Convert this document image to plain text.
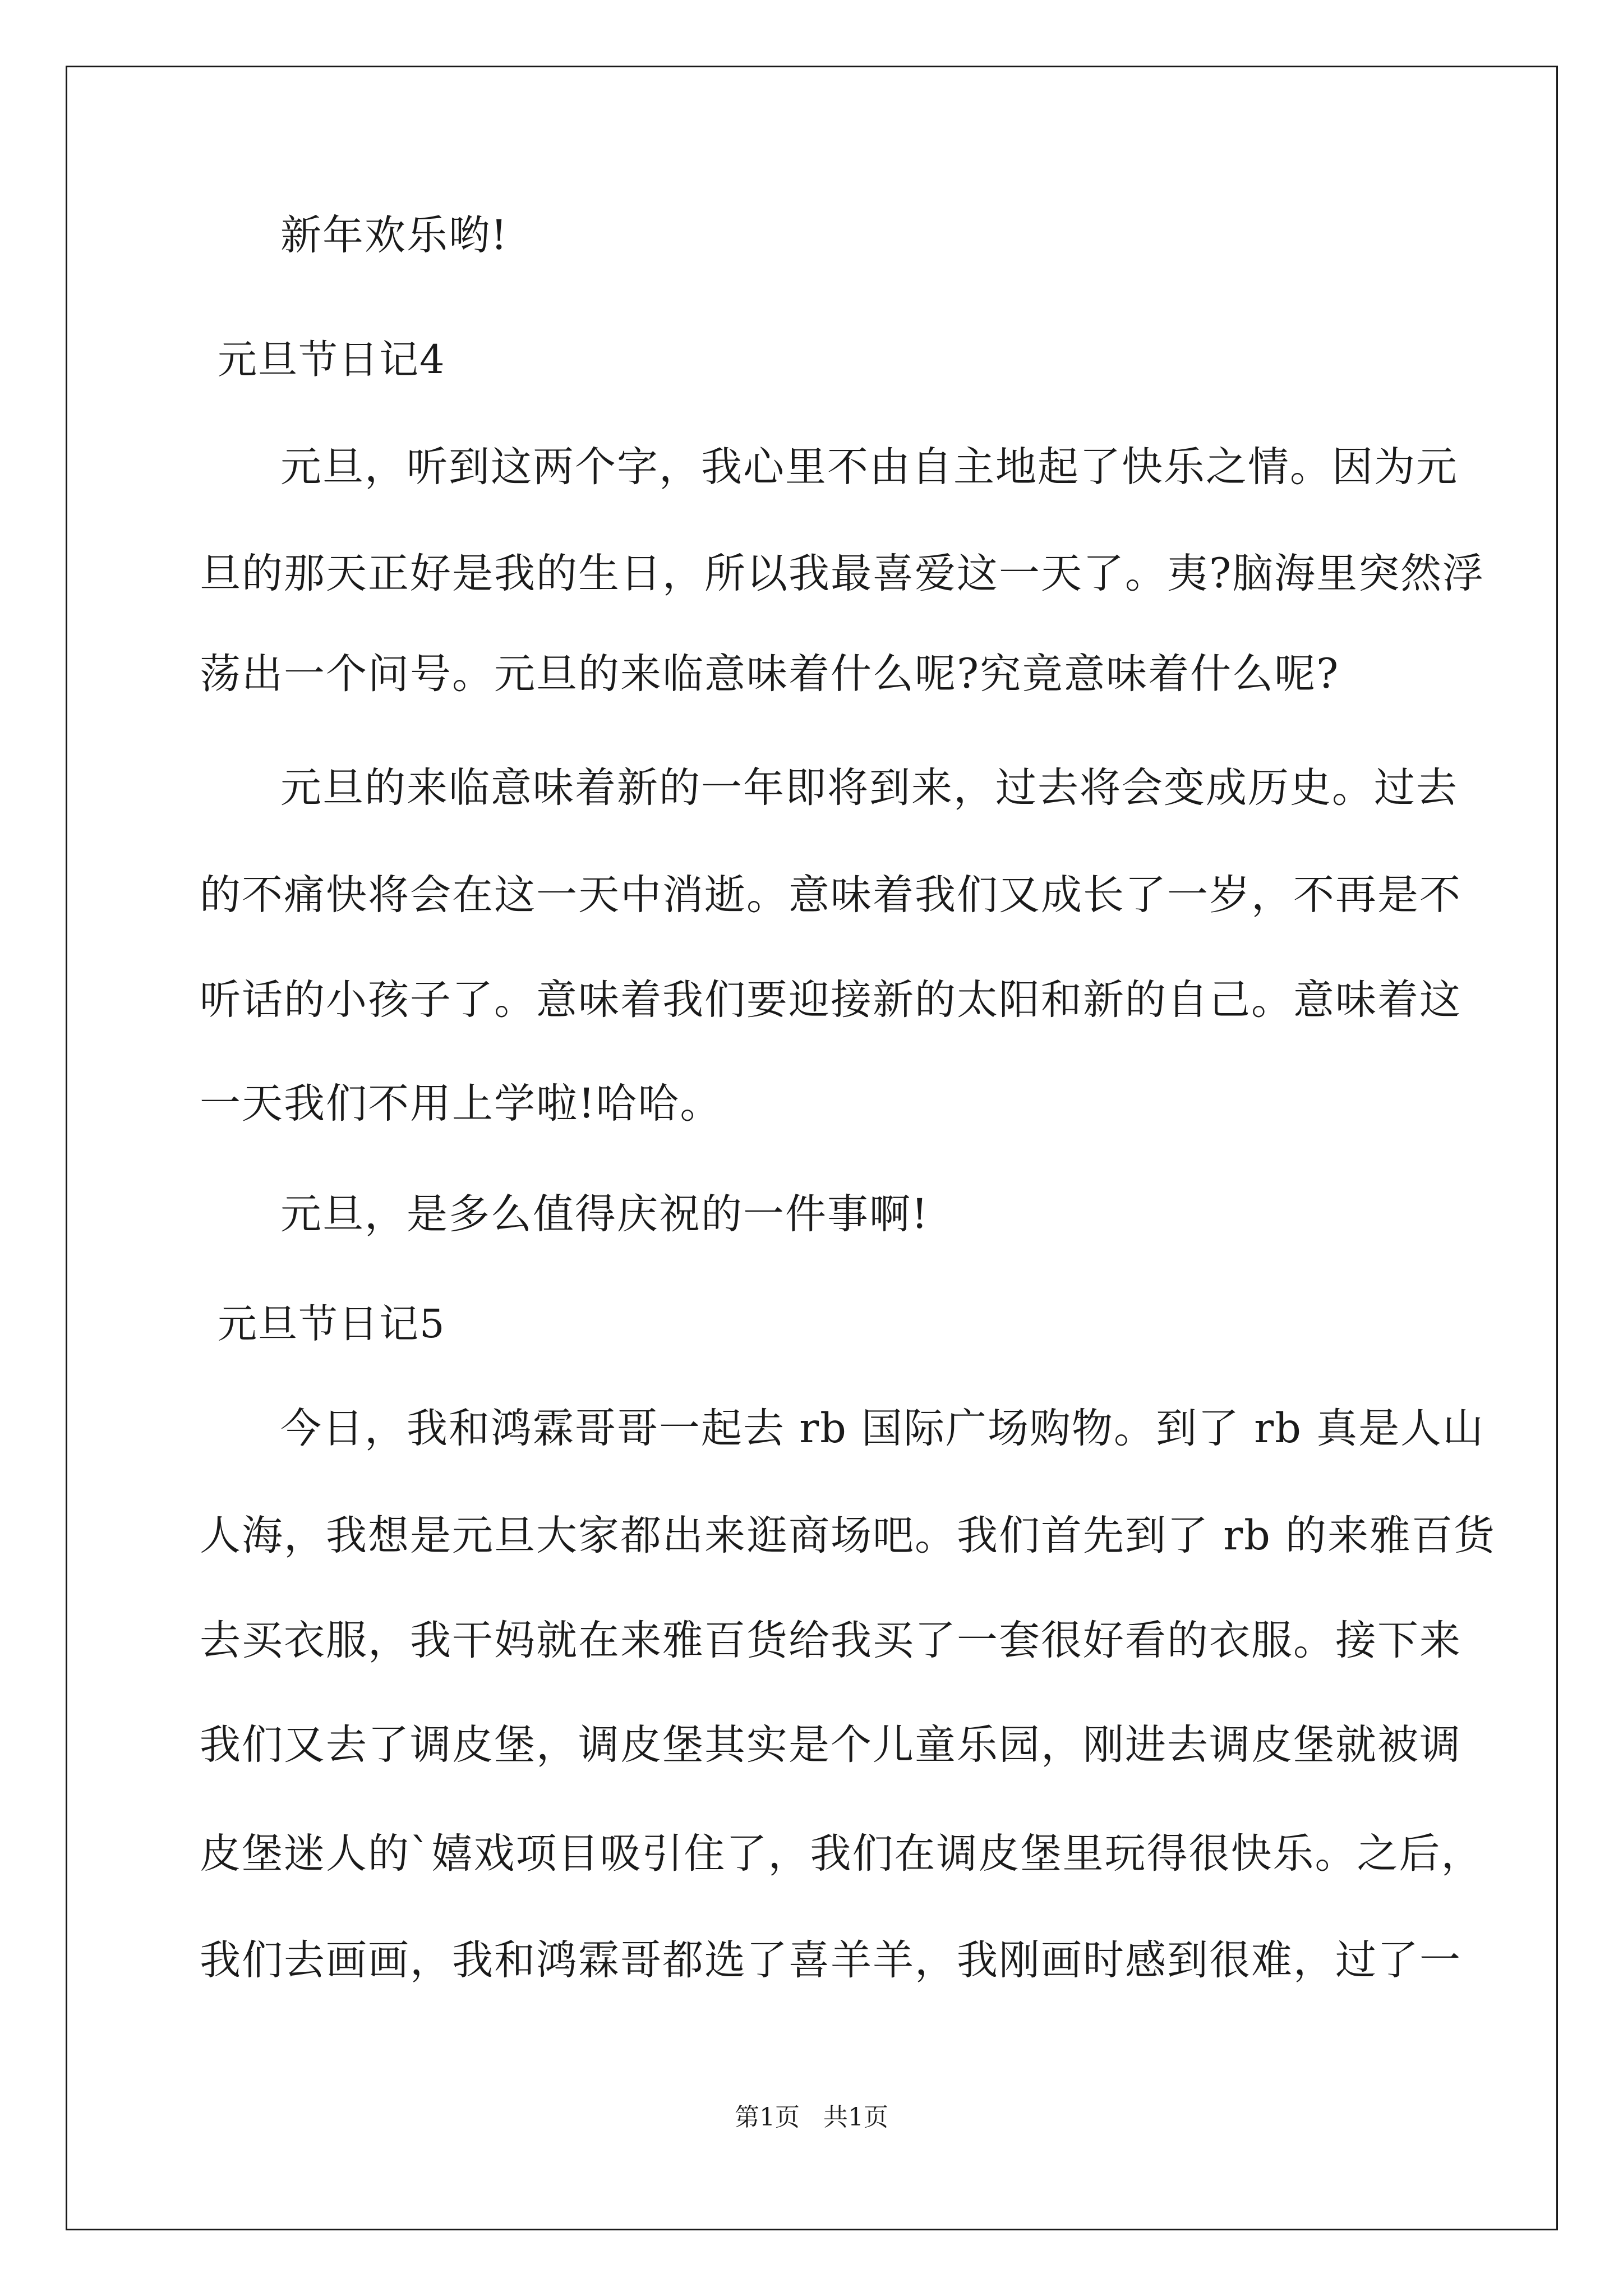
新年欢乐哟!
元旦节日记4
元旦，听到这两个字，我心里不由自主地起了快乐之情。因为元
旦的那天正好是我的生日，所以我最喜爱这一天了。夷?脑海里突然浮
荡出一个问号。元旦的来临意味着什么呢?究竟意味着什么呢?
元旦的来临意味着新的一年即将到来，过去将会变成历史。过去
的不痛快将会在这一天中消逝。意味着我们又成长了一岁，不再是不
听话的小孩子了。意味着我们要迎接新的太阳和新的自己。意味着这
一天我们不用上学啦!哈哈。
元旦，是多么值得庆祝的一件事啊!
元旦节日记5
今日，我和鸿霖哥哥一起去 rb 国际广场购物。到了 rb 真是人山
人海，我想是元旦大家都出来逛商场吧。我们首先到了 rb 的来雅百货
去买衣服，我干妈就在来雅百货给我买了一套很好看的衣服。接下来
我们又去了调皮堡，调皮堡其实是个儿童乐园，刚进去调皮堡就被调
皮堡迷人的`嬉戏项目吸引住了，我们在调皮堡里玩得很快乐。之后，
我们去画画，我和鸿霖哥都选了喜羊羊，我刚画时感到很难，过了一
第1页   共1页
